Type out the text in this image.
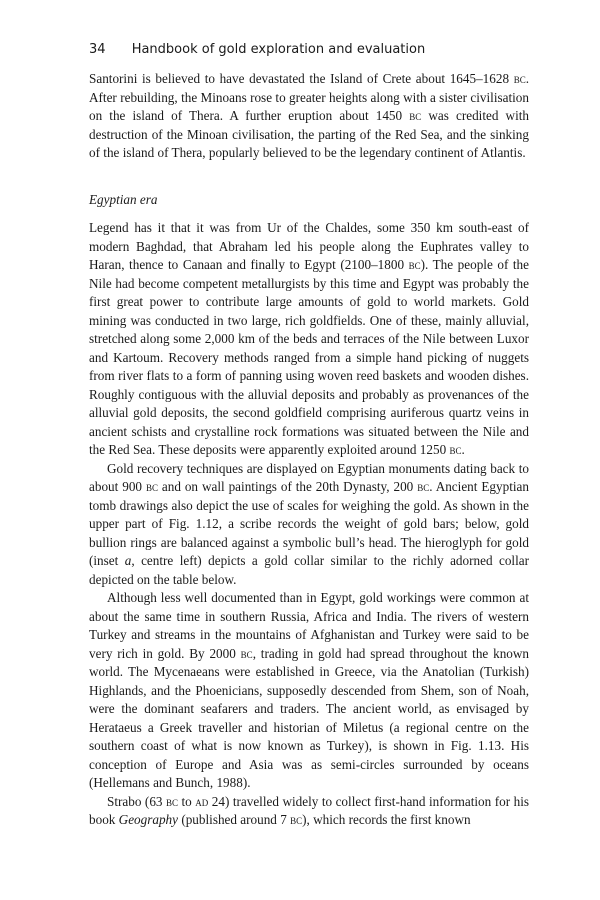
34 Handbook of gold exploration and evaluation

Santorini is believed to have devastated the Island of Crete about 1645–1628 bc. After rebuilding, the Minoans rose to greater heights along with a sister civilisation on the island of Thera. A further eruption about 1450 bc was credited with destruction of the Minoan civilisation, the parting of the Red Sea, and the sinking of the island of Thera, popularly believed to be the legendary continent of Atlantis.

Egyptian era

Legend has it that it was from Ur of the Chaldes, some 350 km south-east of modern Baghdad, that Abraham led his people along the Euphrates valley to Haran, thence to Canaan and finally to Egypt (2100–1800 bc). The people of the Nile had become competent metallurgists by this time and Egypt was probably the first great power to contribute large amounts of gold to world markets. Gold mining was conducted in two large, rich goldfields. One of these, mainly alluvial, stretched along some 2,000 km of the beds and terraces of the Nile between Luxor and Kartoum. Recovery methods ranged from a simple hand picking of nuggets from river flats to a form of panning using woven reed baskets and wooden dishes. Roughly contiguous with the alluvial deposits and probably as provenances of the alluvial gold deposits, the second goldfield comprising auriferous quartz veins in ancient schists and crystalline rock formations was situated between the Nile and the Red Sea. These deposits were apparently exploited around 1250 bc.

Gold recovery techniques are displayed on Egyptian monuments dating back to about 900 bc and on wall paintings of the 20th Dynasty, 200 bc. Ancient Egyptian tomb drawings also depict the use of scales for weighing the gold. As shown in the upper part of Fig. 1.12, a scribe records the weight of gold bars; below, gold bullion rings are balanced against a symbolic bull’s head. The hieroglyph for gold (inset a, centre left) depicts a gold collar similar to the richly adorned collar depicted on the table below.

Although less well documented than in Egypt, gold workings were common at about the same time in southern Russia, Africa and India. The rivers of western Turkey and streams in the mountains of Afghanistan and Turkey were said to be very rich in gold. By 2000 bc, trading in gold had spread throughout the known world. The Mycenaeans were established in Greece, via the Anatolian (Turkish) Highlands, and the Phoenicians, supposedly descended from Shem, son of Noah, were the dominant seafarers and traders. The ancient world, as envisaged by Herataeus a Greek traveller and historian of Miletus (a regional centre on the southern coast of what is now known as Turkey), is shown in Fig. 1.13. His conception of Europe and Asia was as semi-circles surrounded by oceans (Hellemans and Bunch, 1988).

Strabo (63 bc to ad 24) travelled widely to collect first-hand information for his book Geography (published around 7 bc), which records the first known
